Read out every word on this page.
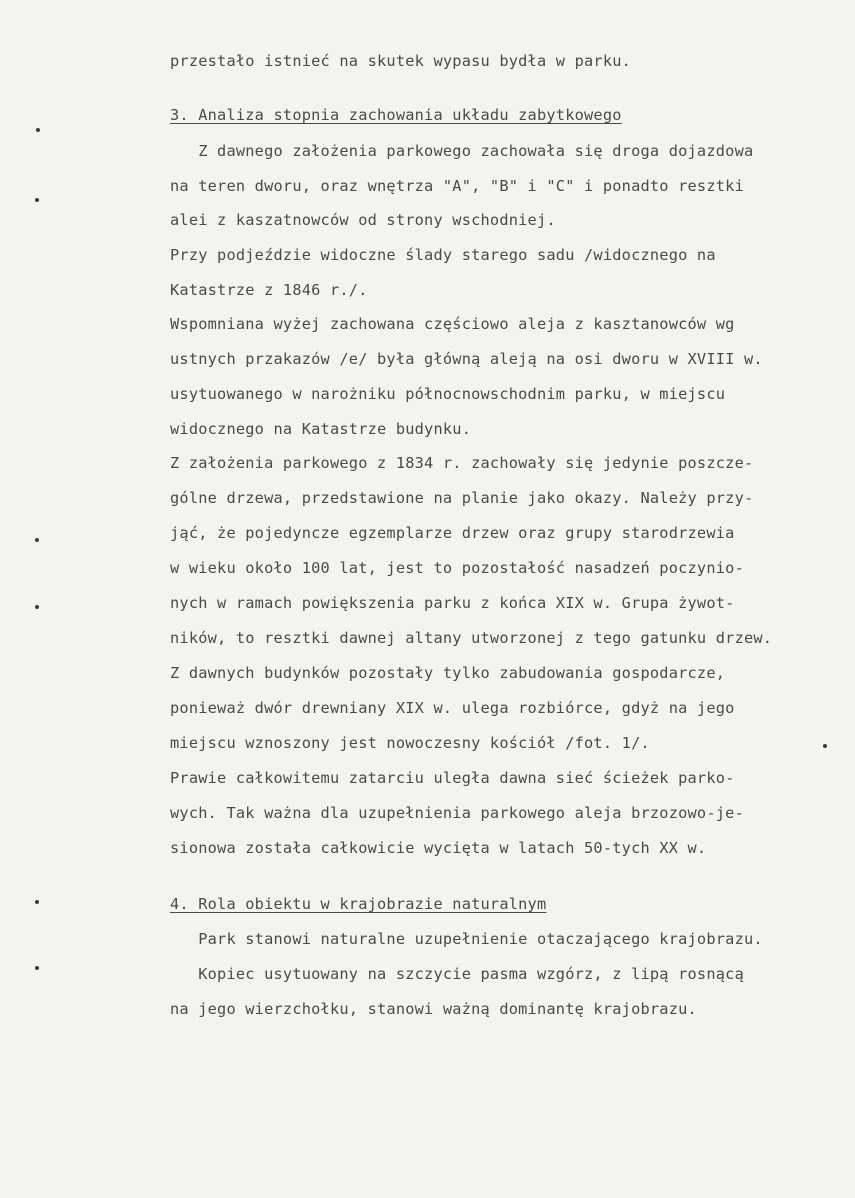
przestało istnieć na skutek wypasu bydła w parku.
3. Analiza stopnia zachowania układu zabytkowego
Z dawnego założenia parkowego zachowała się droga dojazdowa
na teren dworu, oraz wnętrza "A", "B" i "C" i ponadto resztki
alei z kaszatnowców od strony wschodniej.
Przy podjeździe widoczne ślady starego sadu /widocznego na
Katastrze z 1846 r./.
Wspomniana wyżej zachowana częściowo aleja z kasztanowców wg
ustnych przakazów /e/ była główną aleją na osi dworu w XVIII w.
usytuowanego w narożniku północnowschodnim parku, w miejscu
widocznego na Katastrze budynku.
Z założenia parkowego z 1834 r. zachowały się jedynie poszcze-
gólne drzewa, przedstawione na planie jako okazy. Należy przy-
jąć, że pojedyncze egzemplarze drzew oraz grupy starodrzewia
w wieku około 100 lat, jest to pozostałość nasadzeń poczynio-
nych w ramach powiększenia parku z końca XIX w. Grupa żywot-
ników, to resztki dawnej altany utworzonej z tego gatunku drzew.
Z dawnych budynków pozostały tylko zabudowania gospodarcze,
ponieważ dwór drewniany XIX w. ulega rozbiórce, gdyż na jego
miejscu wznoszony jest nowoczesny kościół /fot. 1/.
Prawie całkowitemu zatarciu uległa dawna sieć ścieżek parko-
wych. Tak ważna dla uzupełnienia parkowego aleja brzozowo-je-
sionowa została całkowicie wycięta w latach 50-tych XX w.
4. Rola obiektu w krajobrazie naturalnym
Park stanowi naturalne uzupełnienie otaczającego krajobrazu.
Kopiec usytuowany na szczycie pasma wzgórz, z lipą rosnącą
na jego wierzchołku, stanowi ważną dominantę krajobrazu.
